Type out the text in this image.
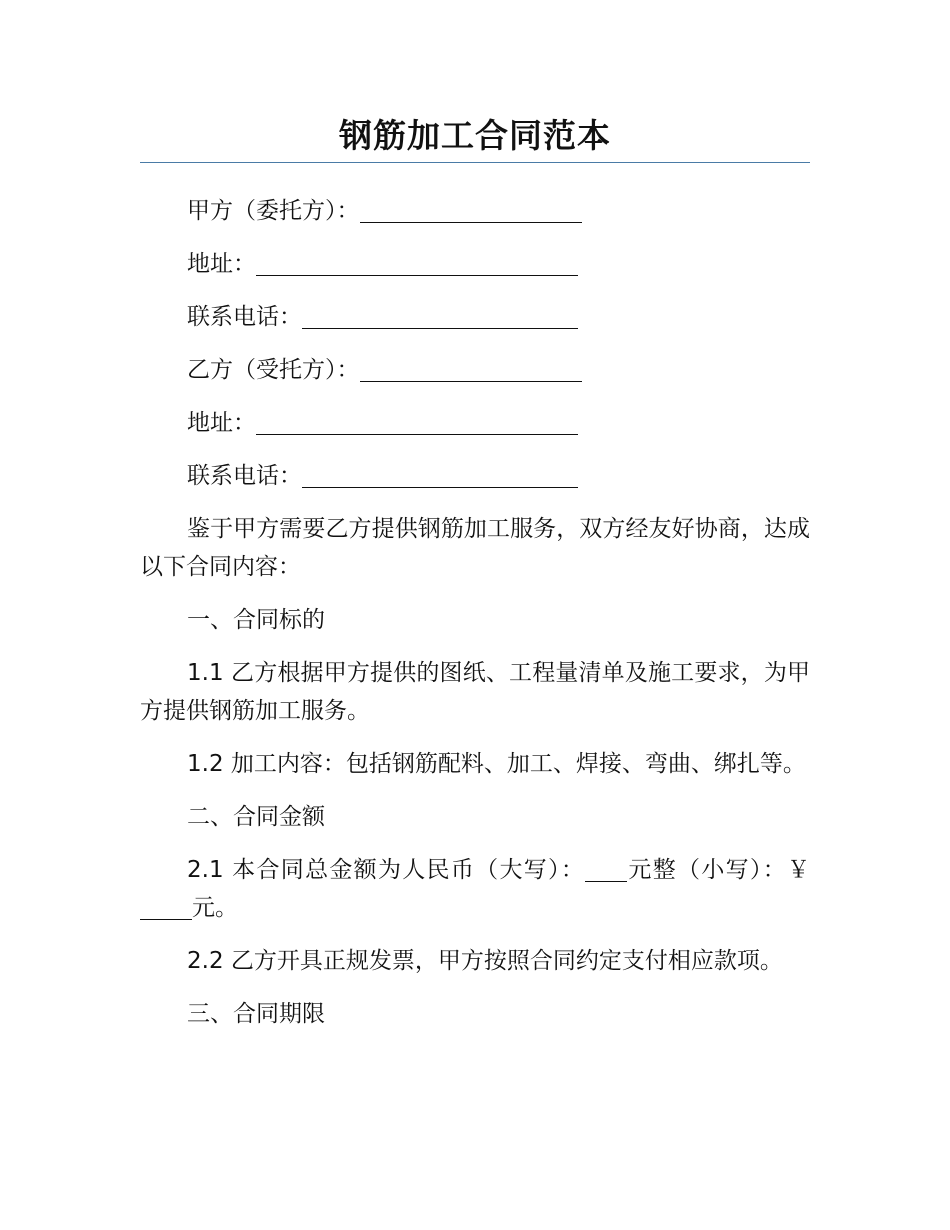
钢筋加工合同范本
甲方（委托方）：
地址：
联系电话：
乙方（受托方）：
地址：
联系电话：
鉴于甲方需要乙方提供钢筋加工服务，双方经友好协商，达成以下合同内容：
一、合同标的
1.1 乙方根据甲方提供的图纸、工程量清单及施工要求，为甲方提供钢筋加工服务。
1.2 加工内容：包括钢筋配料、加工、焊接、弯曲、绑扎等。
二、合同金额
2.1 本合同总金额为人民币（大写）： 元整（小写）：￥元。
2.2 乙方开具正规发票，甲方按照合同约定支付相应款项。
三、合同期限
